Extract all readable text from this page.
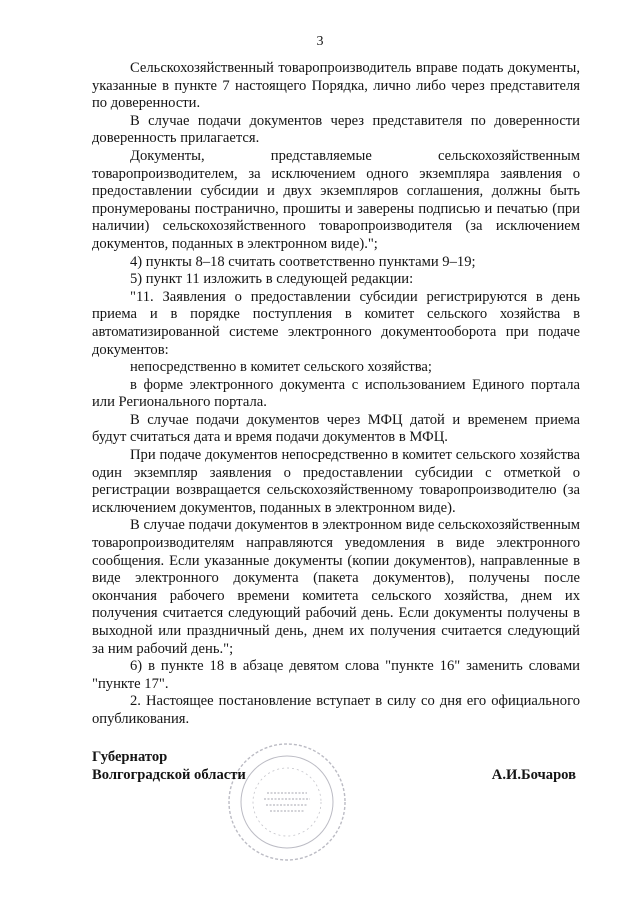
3

Сельскохозяйственный товаропроизводитель вправе подать документы, указанные в пункте 7 настоящего Порядка, лично либо через представителя по доверенности.

В случае подачи документов через представителя по доверенности доверенность прилагается.

Документы, представляемые сельскохозяйственным товаропроизводителем, за исключением одного экземпляра заявления о предоставлении субсидии и двух экземпляров соглашения, должны быть пронумерованы постранично, прошиты и заверены подписью и печатью (при наличии) сельскохозяйственного товаропроизводителя (за исключением документов, поданных в электронном виде).";

4) пункты 8–18 считать соответственно пунктами 9–19;

5) пункт 11 изложить в следующей редакции:

"11. Заявления о предоставлении субсидии регистрируются в день приема и в порядке поступления в комитет сельского хозяйства в автоматизированной системе электронного документооборота при подаче документов:

непосредственно в комитет сельского хозяйства;

в форме электронного документа с использованием Единого портала или Регионального портала.

В случае подачи документов через МФЦ датой и временем приема будут считаться дата и время подачи документов в МФЦ.

При подаче документов непосредственно в комитет сельского хозяйства один экземпляр заявления о предоставлении субсидии с отметкой о регистрации возвращается сельскохозяйственному товаропроизводителю (за исключением документов, поданных в электронном виде).

В случае подачи документов в электронном виде сельскохозяйственным товаропроизводителям направляются уведомления в виде электронного сообщения. Если указанные документы (копии документов), направленные в виде электронного документа (пакета документов), получены после окончания рабочего времени комитета сельского хозяйства, днем их получения считается следующий рабочий день. Если документы получены в выходной или праздничный день, днем их получения считается следующий за ним рабочий день.";

6) в пункте 18 в абзаце девятом слова "пункте 16" заменить словами "пункте 17".

2. Настоящее постановление вступает в силу со дня его официального опубликования.

Губернатор
Волгоградской области	А.И.Бочаров
